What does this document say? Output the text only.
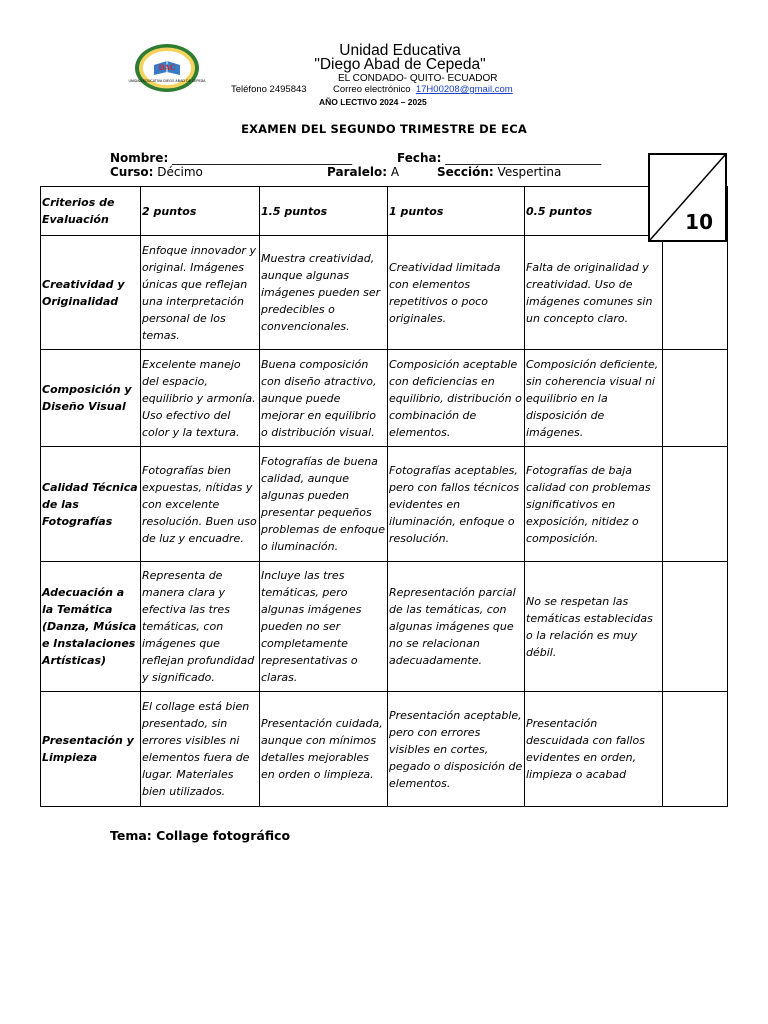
DAC
UNIDAD EDUCATIVA DIEGO ABAD DE CEPEDA
Unidad Educativa
"Diego Abad de Cepeda"
EL CONDADO- QUITO- ECUADOR
Teléfono 2495843	Correo electrónico 17H00208@gmail.com
AÑO LECTIVO 2024 – 2025
EXAMEN DEL SEGUNDO TRIMESTRE DE ECA
Nombre: ______________________________	Fecha: __________________________
Curso: Décimo	Paralelo: A	Sección: Vespertina
Criterios de Evaluación	2 puntos	1.5 puntos	1 puntos	0.5 puntos	
Creatividad y Originalidad	Enfoque innovador y original. Imágenes únicas que reflejan una interpretación personal de los temas.	Muestra creatividad, aunque algunas imágenes pueden ser predecibles o convencionales.	Creatividad limitada con elementos repetitivos o poco originales.	Falta de originalidad y creatividad. Uso de imágenes comunes sin un concepto claro.	
Composición y Diseño Visual	Excelente manejo del espacio, equilibrio y armonía. Uso efectivo del color y la textura.	Buena composición con diseño atractivo, aunque puede mejorar en equilibrio o distribución visual.	Composición aceptable con deficiencias en equilibrio, distribución o combinación de elementos.	Composición deficiente, sin coherencia visual ni equilibrio en la disposición de imágenes.	
Calidad Técnica de las Fotografías	Fotografías bien expuestas, nítidas y con excelente resolución. Buen uso de luz y encuadre.	Fotografías de buena calidad, aunque algunas pueden presentar pequeños problemas de enfoque o iluminación.	Fotografías aceptables, pero con fallos técnicos evidentes en iluminación, enfoque o resolución.	Fotografías de baja calidad con problemas significativos en exposición, nitidez o composición.	
Adecuación a la Temática (Danza, Música e Instalaciones Artísticas)	Representa de manera clara y efectiva las tres temáticas, con imágenes que reflejan profundidad y significado.	Incluye las tres temáticas, pero algunas imágenes pueden no ser completamente representativas o claras.	Representación parcial de las temáticas, con algunas imágenes que no se relacionan adecuadamente.	No se respetan las temáticas establecidas o la relación es muy débil.	
Presentación y Limpieza	El collage está bien presentado, sin errores visibles ni elementos fuera de lugar. Materiales bien utilizados.	Presentación cuidada, aunque con mínimos detalles mejorables en orden o limpieza.	Presentación aceptable, pero con errores visibles en cortes, pegado o disposición de elementos.	Presentación descuidada con fallos evidentes en orden, limpieza o acabad	
10
Tema: Collage fotográfico
